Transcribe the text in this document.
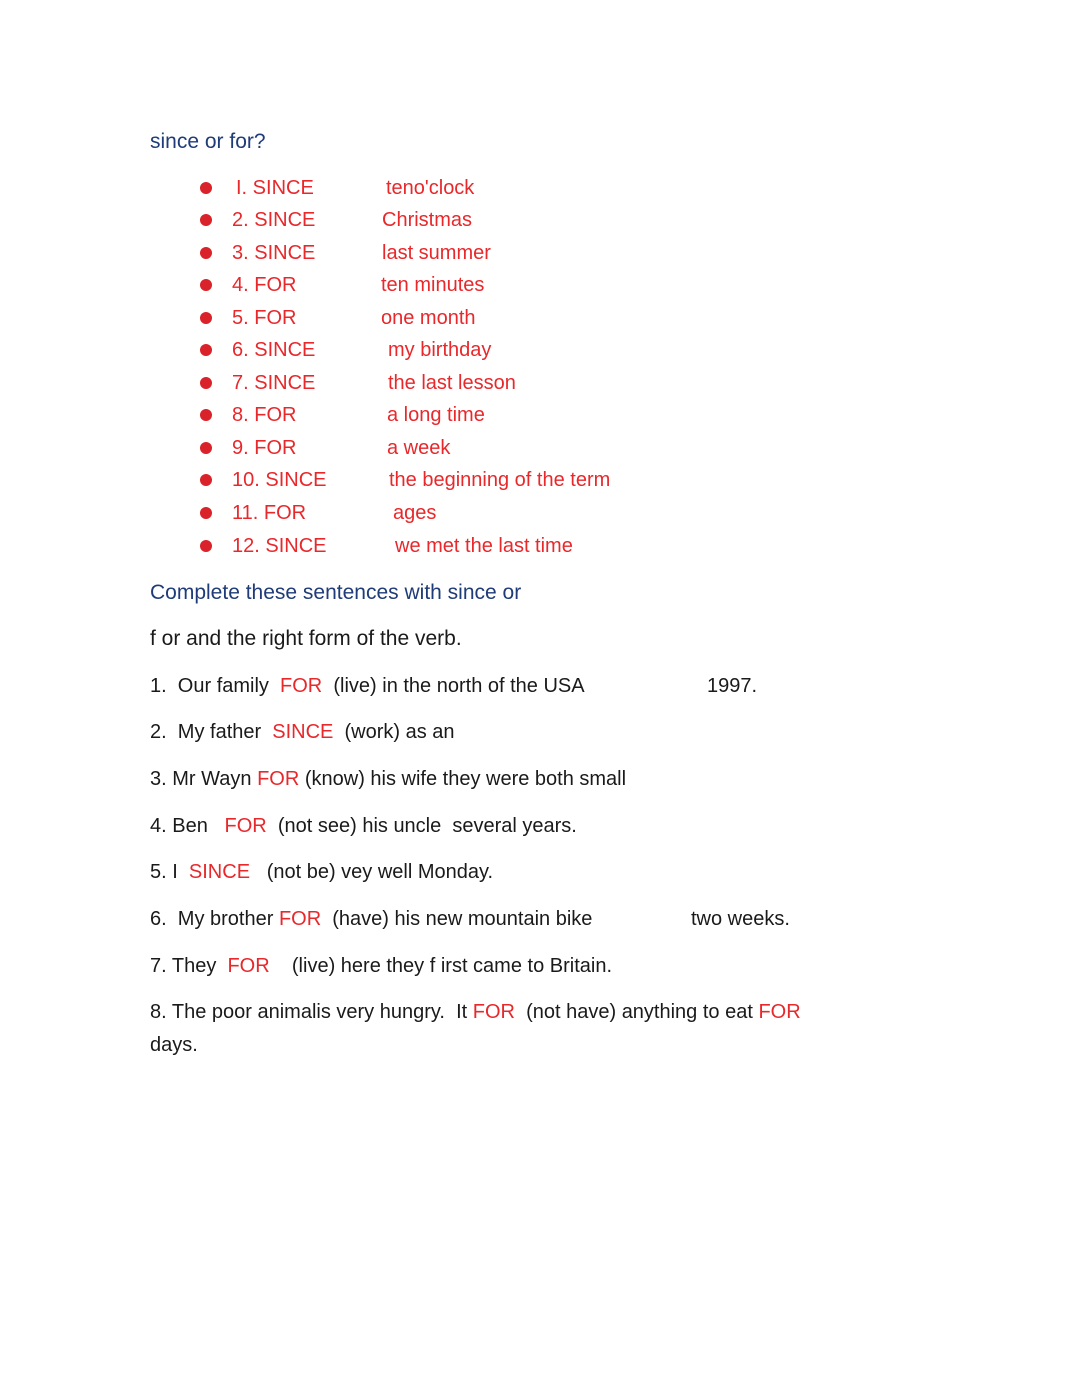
since or for?
I. SINCE	teno'clock
2. SINCE	Christmas
3. SINCE	last summer
4. FOR	ten minutes
5. FOR	one month
6. SINCE	my birthday
7. SINCE	the last lesson
8. FOR	a long time
9. FOR	a week
10. SINCE	the beginning of the term
11. FOR	ages
12. SINCE	we met the last time
Complete these sentences with since or
f or and the right form of the verb.
1.  Our family  FOR  (live) in the north of the USA	1997.
2.  My father  SINCE  (work) as an
3. Mr Wayn FOR (know) his wife they were both small
4. Ben   FOR  (not see) his uncle  several years.
5. I  SINCE   (not be) vey well Monday.
6.  My brother FOR  (have) his new mountain bike	two weeks.
7. They  FOR    (live) here they f irst came to Britain.
8. The poor animalis very hungry.  It FOR  (not have) anything to eat FOR
days.
